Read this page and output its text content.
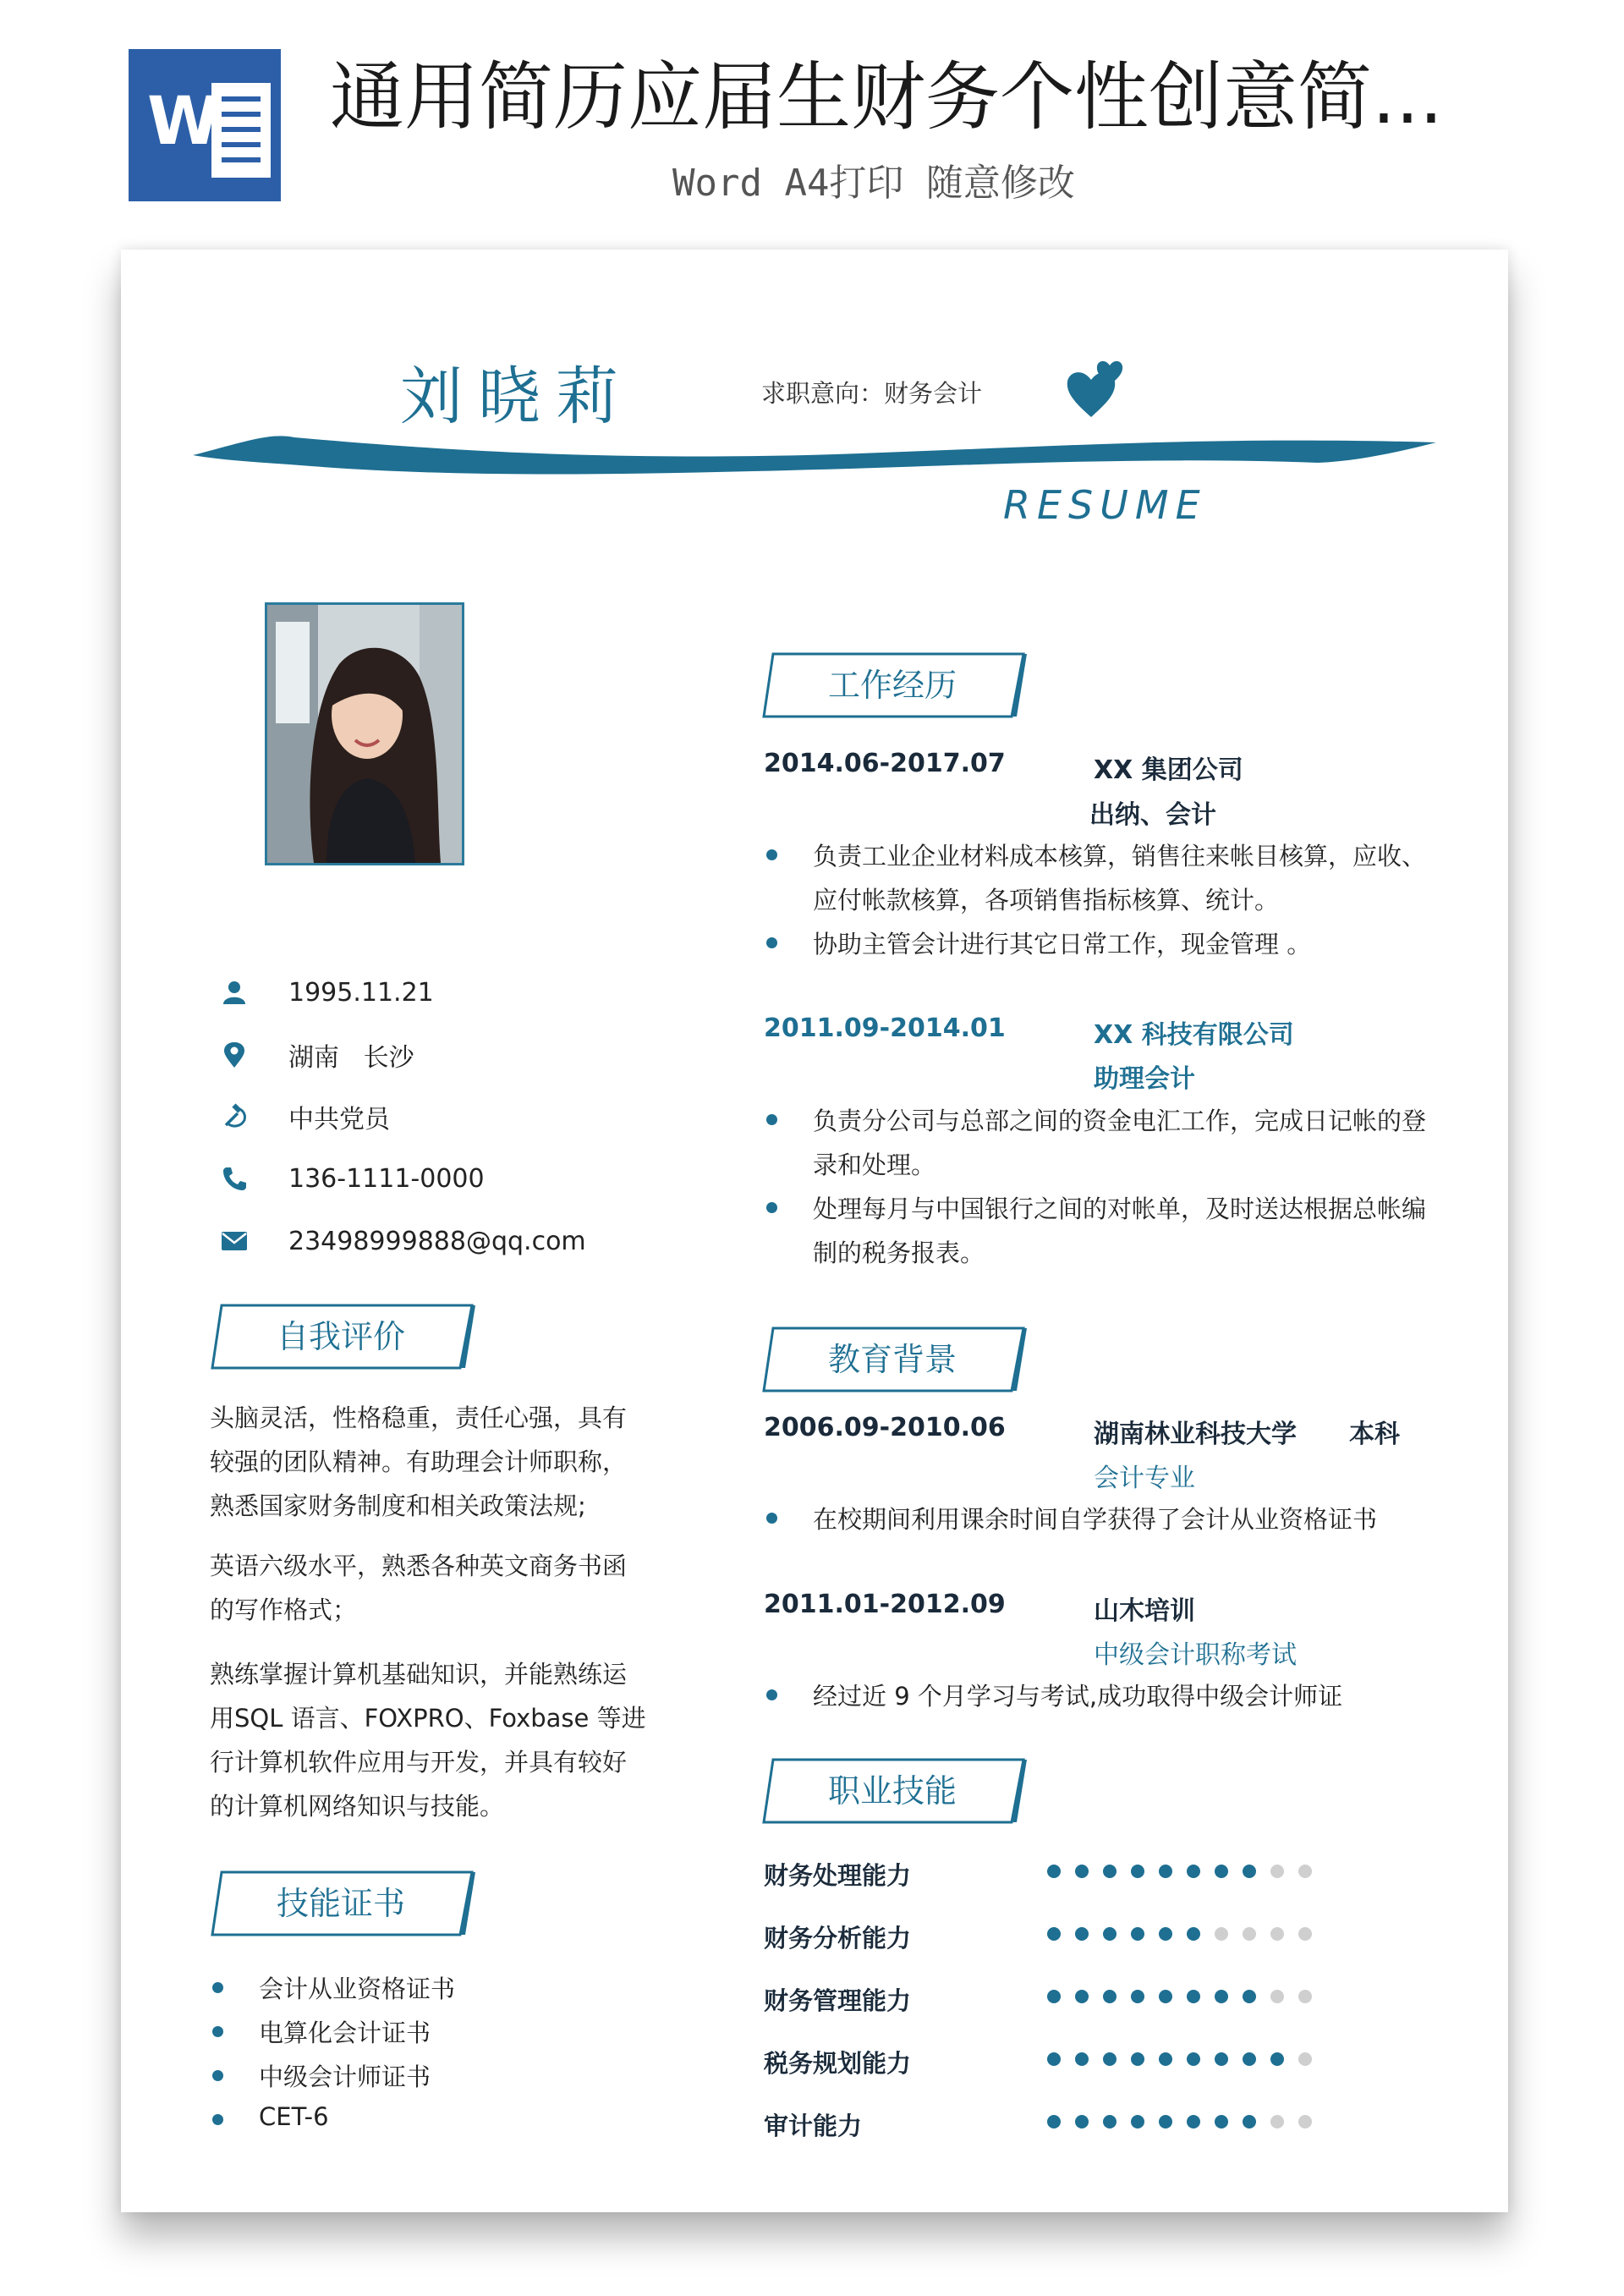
W 通用简历应届生财务个性创意简...
Word A4打印 随意修改
刘晓莉	求职意向：财务会计
RESUME
1995.11.21
湖南   长沙
中共党员
136-1111-0000
23498999888@qq.com
自我评价
头脑灵活，性格稳重，责任心强，具有较强的团队精神。有助理会计师职称，熟悉国家财务制度和相关政策法规;
英语六级水平，熟悉各种英文商务书函的写作格式；
熟练掌握计算机基础知识，并能熟练运用SQL 语言、FOXPRO、Foxbase 等进行计算机软件应用与开发，并具有较好的计算机网络知识与技能。
技能证书
会计从业资格证书
电算化会计证书
中级会计师证书
CET-6
工作经历
2014.06-2017.07	XX 集团公司
出纳、会计
负责工业企业材料成本核算，销售往来帐目核算，应收、
应付帐款核算，各项销售指标核算、统计。
协助主管会计进行其它日常工作，现金管理 。
2011.09-2014.01	XX 科技有限公司
助理会计
负责分公司与总部之间的资金电汇工作，完成日记帐的登
录和处理。
处理每月与中国银行之间的对帐单，及时送达根据总帐编
制的税务报表。
教育背景
2006.09-2010.06	湖南林业科技大学 本科
会计专业
在校期间利用课余时间自学获得了会计从业资格证书
2011.01-2012.09	山木培训
中级会计职称考试
经过近 9 个月学习与考试,成功取得中级会计师证
职业技能
财务处理能力
财务分析能力
财务管理能力
税务规划能力
审计能力
